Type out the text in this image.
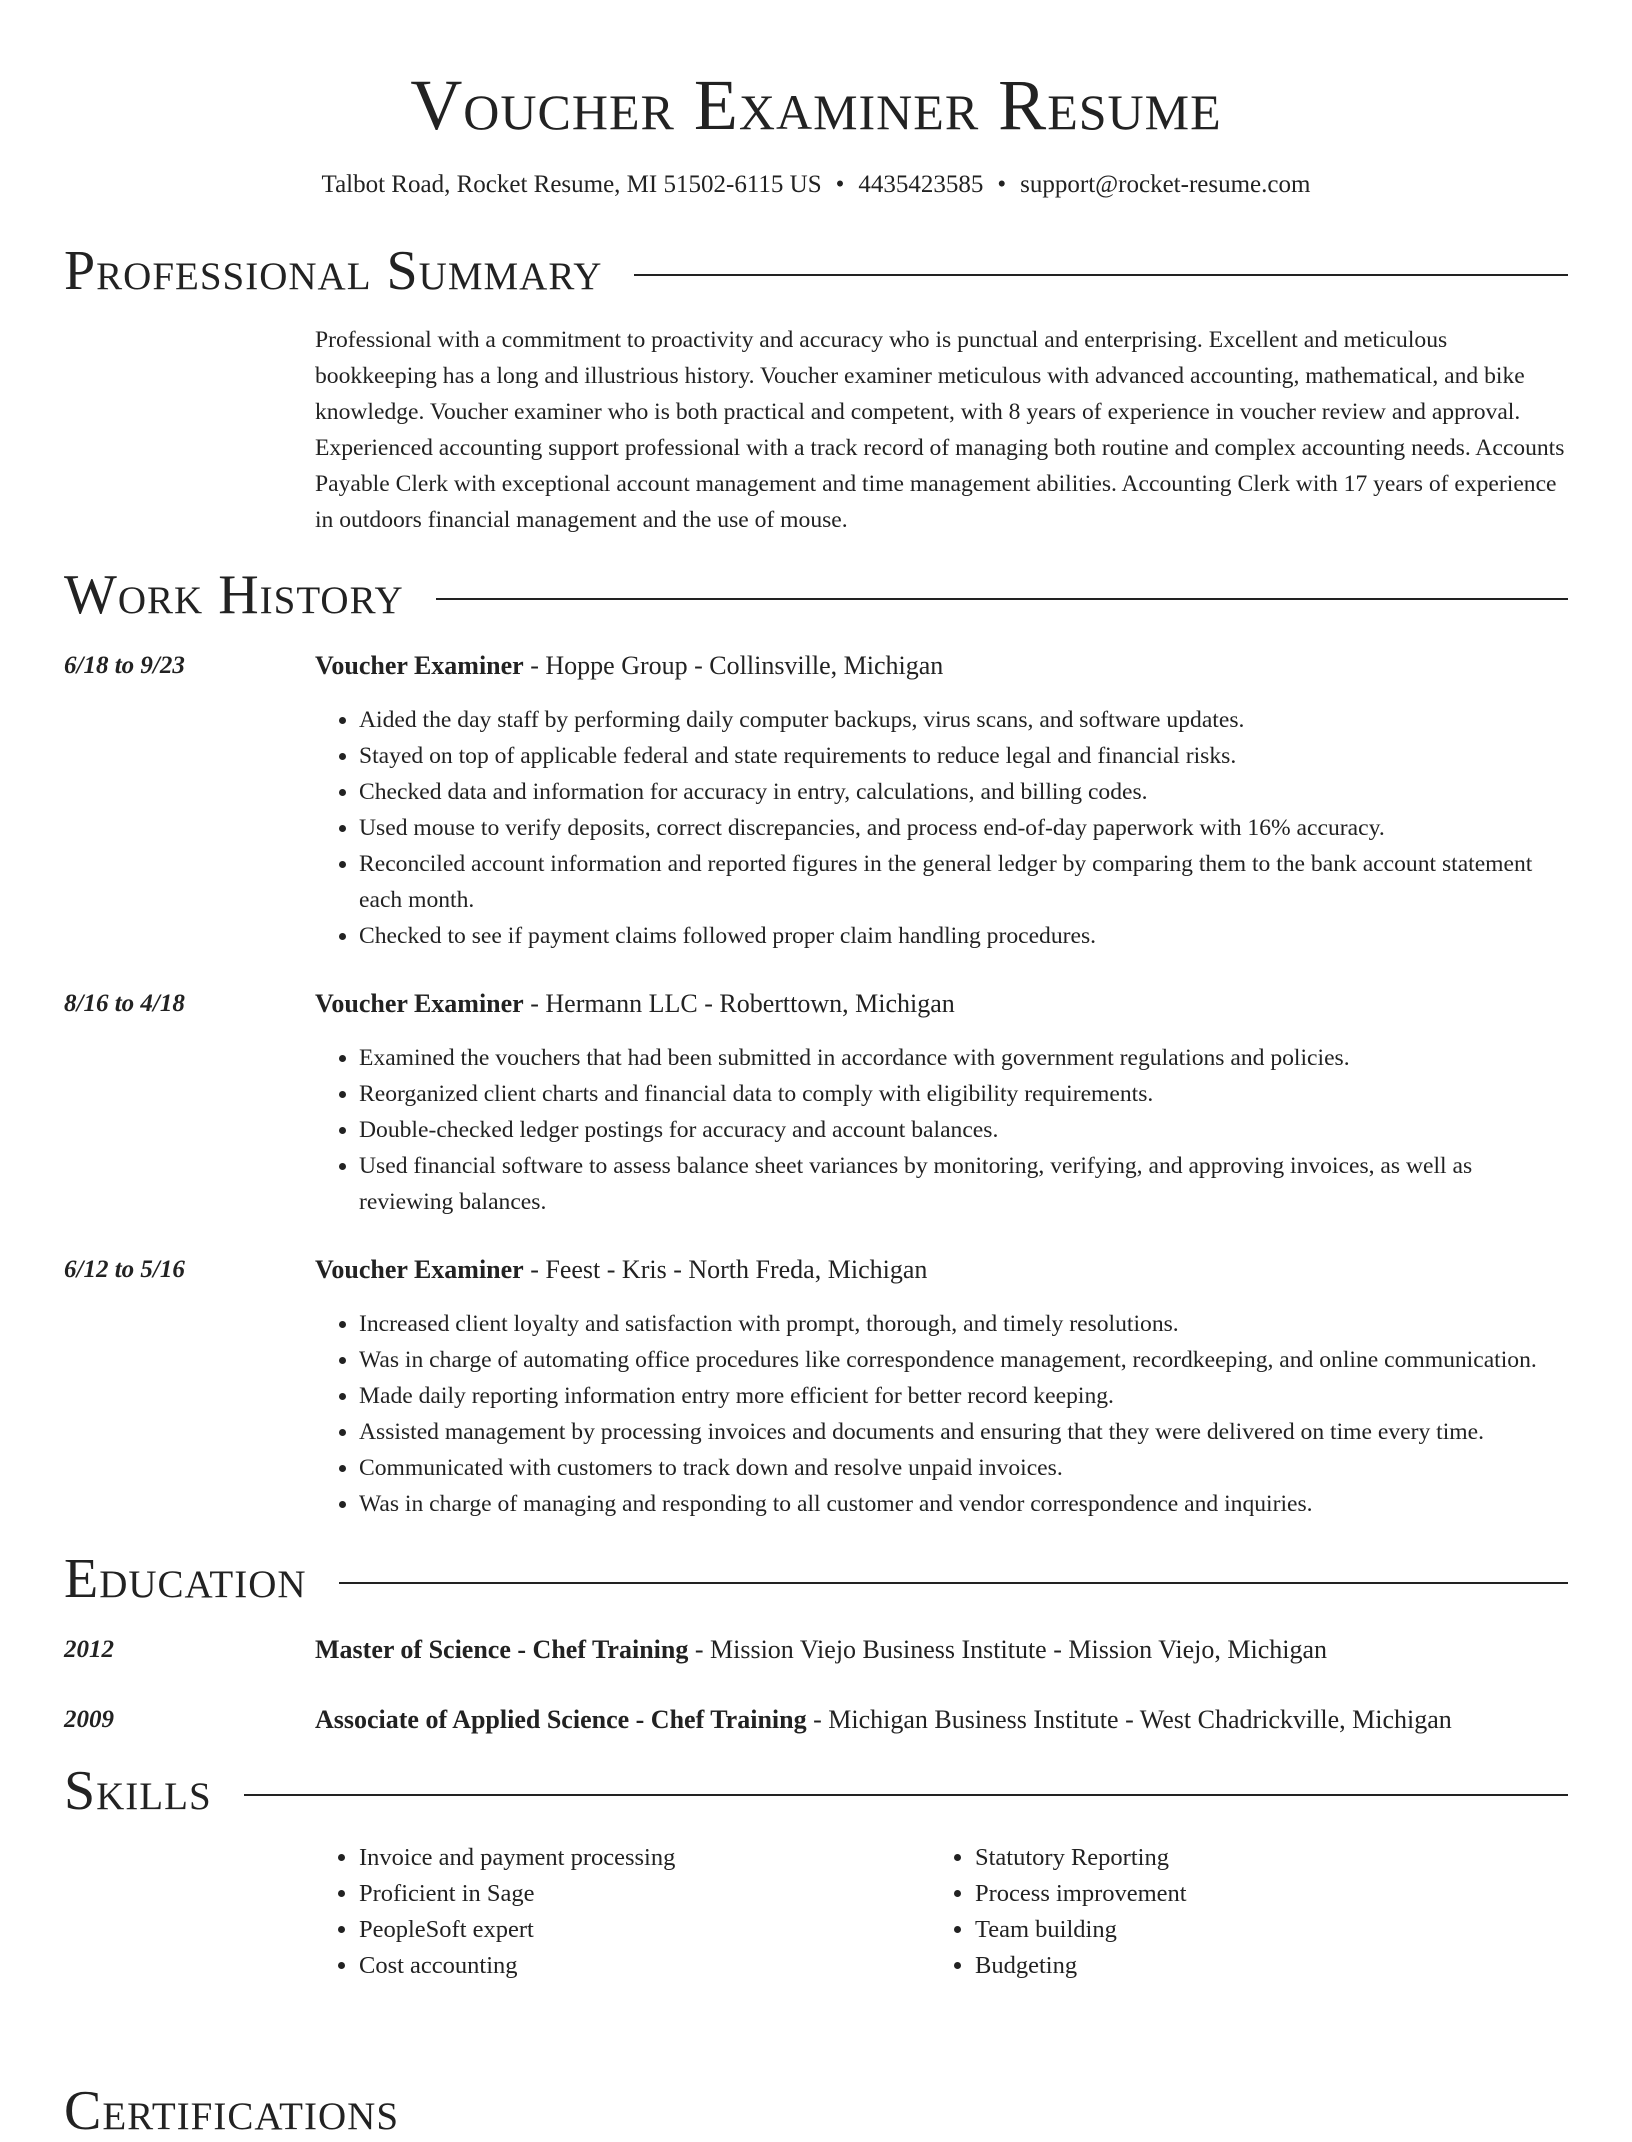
Voucher Examiner Resume
Talbot Road, Rocket Resume, MI 51502-6115 US • 4435423585 • support@rocket-resume.com
Professional Summary
Professional with a commitment to proactivity and accuracy who is punctual and enterprising. Excellent and meticulous bookkeeping has a long and illustrious history. Voucher examiner meticulous with advanced accounting, mathematical, and bike knowledge. Voucher examiner who is both practical and competent, with 8 years of experience in voucher review and approval. Experienced accounting support professional with a track record of managing both routine and complex accounting needs. Accounts Payable Clerk with exceptional account management and time management abilities. Accounting Clerk with 17 years of experience in outdoors financial management and the use of mouse.
Work History
6/18 to 9/23	Voucher Examiner - Hoppe Group - Collinsville, Michigan
• Aided the day staff by performing daily computer backups, virus scans, and software updates.
• Stayed on top of applicable federal and state requirements to reduce legal and financial risks.
• Checked data and information for accuracy in entry, calculations, and billing codes.
• Used mouse to verify deposits, correct discrepancies, and process end-of-day paperwork with 16% accuracy.
• Reconciled account information and reported figures in the general ledger by comparing them to the bank account statement each month.
• Checked to see if payment claims followed proper claim handling procedures.
8/16 to 4/18	Voucher Examiner - Hermann LLC - Roberttown, Michigan
• Examined the vouchers that had been submitted in accordance with government regulations and policies.
• Reorganized client charts and financial data to comply with eligibility requirements.
• Double-checked ledger postings for accuracy and account balances.
• Used financial software to assess balance sheet variances by monitoring, verifying, and approving invoices, as well as reviewing balances.
6/12 to 5/16	Voucher Examiner - Feest - Kris - North Freda, Michigan
• Increased client loyalty and satisfaction with prompt, thorough, and timely resolutions.
• Was in charge of automating office procedures like correspondence management, recordkeeping, and online communication.
• Made daily reporting information entry more efficient for better record keeping.
• Assisted management by processing invoices and documents and ensuring that they were delivered on time every time.
• Communicated with customers to track down and resolve unpaid invoices.
• Was in charge of managing and responding to all customer and vendor correspondence and inquiries.
Education
2012	Master of Science - Chef Training - Mission Viejo Business Institute - Mission Viejo, Michigan
2009	Associate of Applied Science - Chef Training - Michigan Business Institute - West Chadrickville, Michigan
Skills
• Invoice and payment processing
• Proficient in Sage
• PeopleSoft expert
• Cost accounting
• Statutory Reporting
• Process improvement
• Team building
• Budgeting
Certifications
